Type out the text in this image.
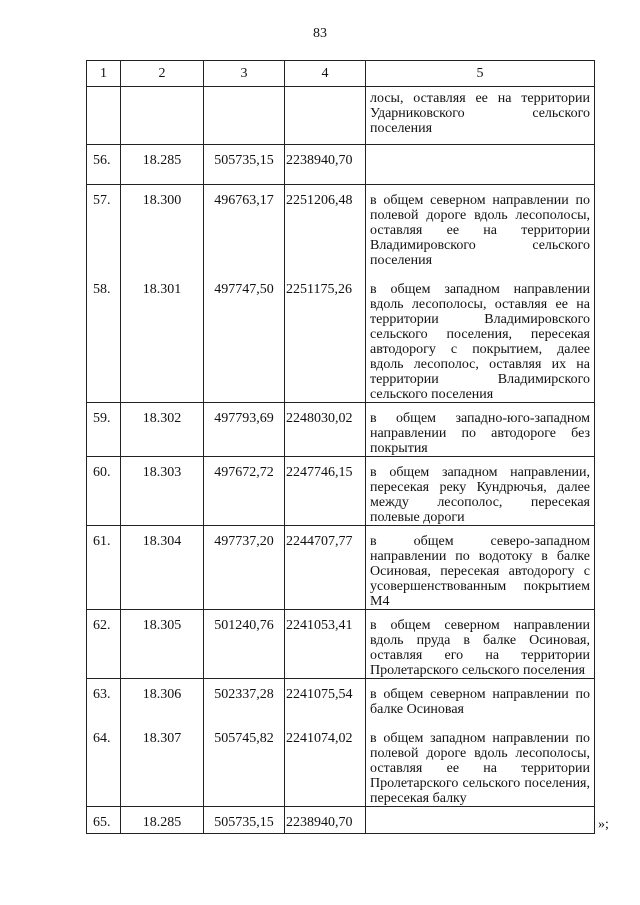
83
1	2	3	4	5
				лосы, оставляя ее на территории Ударниковского сельского поселения
56.	18.285	505735,15	2238940,70	
57.	18.300	496763,17	2251206,48	в общем северном направлении по полевой дороге вдоль лесополосы, оставляя ее на территории Владимировского сельского поселения
58.	18.301	497747,50	2251175,26	в общем западном направлении вдоль лесополосы, оставляя ее на территории Владимировского сельского поселения, пересекая автодорогу с покрытием, далее вдоль лесополос, оставляя их на территории Владимирского сельского поселения
59.	18.302	497793,69	2248030,02	в общем западно-юго-западном направлении по автодороге без покрытия
60.	18.303	497672,72	2247746,15	в общем западном направлении, пересекая реку Кундрючья, далее между лесополос, пересекая полевые дороги
61.	18.304	497737,20	2244707,77	в общем северо-западном направлении по водотоку в балке Осиновая, пересекая автодорогу с усовершенствованным покрытием М4
62.	18.305	501240,76	2241053,41	в общем северном направлении вдоль пруда в балке Осиновая, оставляя его на территории Пролетарского сельского поселения
63.	18.306	502337,28	2241075,54	в общем северном направлении по балке Осиновая
64.	18.307	505745,82	2241074,02	в общем западном направлении по полевой дороге вдоль лесополосы, оставляя ее на территории Пролетарского сельского поселения, пересекая балку
65.	18.285	505735,15	2238940,70		»;
